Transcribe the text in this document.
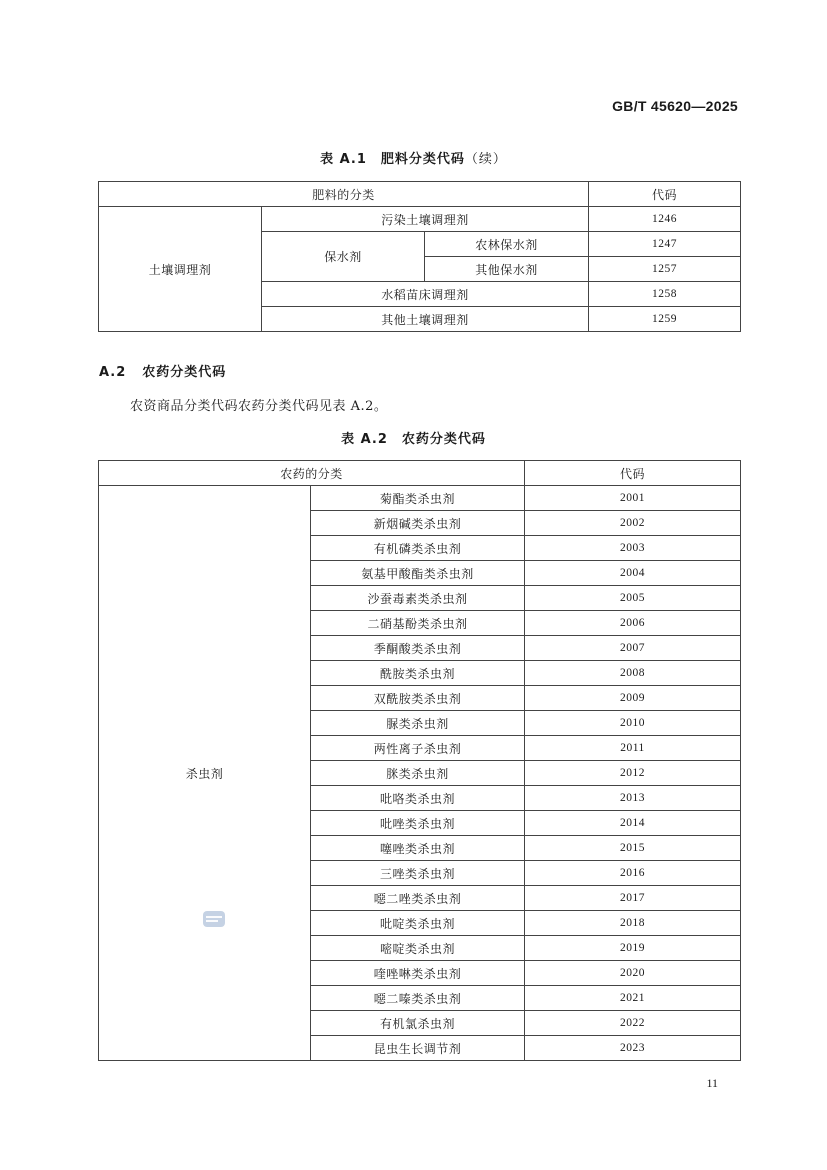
GB/T 45620—2025
表 A.1　肥料分类代码（续）
肥料的分类			代码
土壤调理剂	污染土壤调理剂		1246
	保水剂	农林保水剂	1247
		其他保水剂	1257
	水稻苗床调理剂		1258
	其他土壤调理剂		1259
A.2 农药分类代码
农资商品分类代码农药分类代码见表 A.2。
表 A.2　农药分类代码
农药的分类		代码
杀虫剂	菊酯类杀虫剂	2001
	新烟碱类杀虫剂	2002
	有机磷类杀虫剂	2003
	氨基甲酸酯类杀虫剂	2004
	沙蚕毒素类杀虫剂	2005
	二硝基酚类杀虫剂	2006
	季酮酸类杀虫剂	2007
	酰胺类杀虫剂	2008
	双酰胺类杀虫剂	2009
	脲类杀虫剂	2010
	两性离子杀虫剂	2011
	脒类杀虫剂	2012
	吡咯类杀虫剂	2013
	吡唑类杀虫剂	2014
	噻唑类杀虫剂	2015
	三唑类杀虫剂	2016
	噁二唑类杀虫剂	2017
	吡啶类杀虫剂	2018
	嘧啶类杀虫剂	2019
	喹唑啉类杀虫剂	2020
	噁二嗪类杀虫剂	2021
	有机氯杀虫剂	2022
	昆虫生长调节剂	2023
11
